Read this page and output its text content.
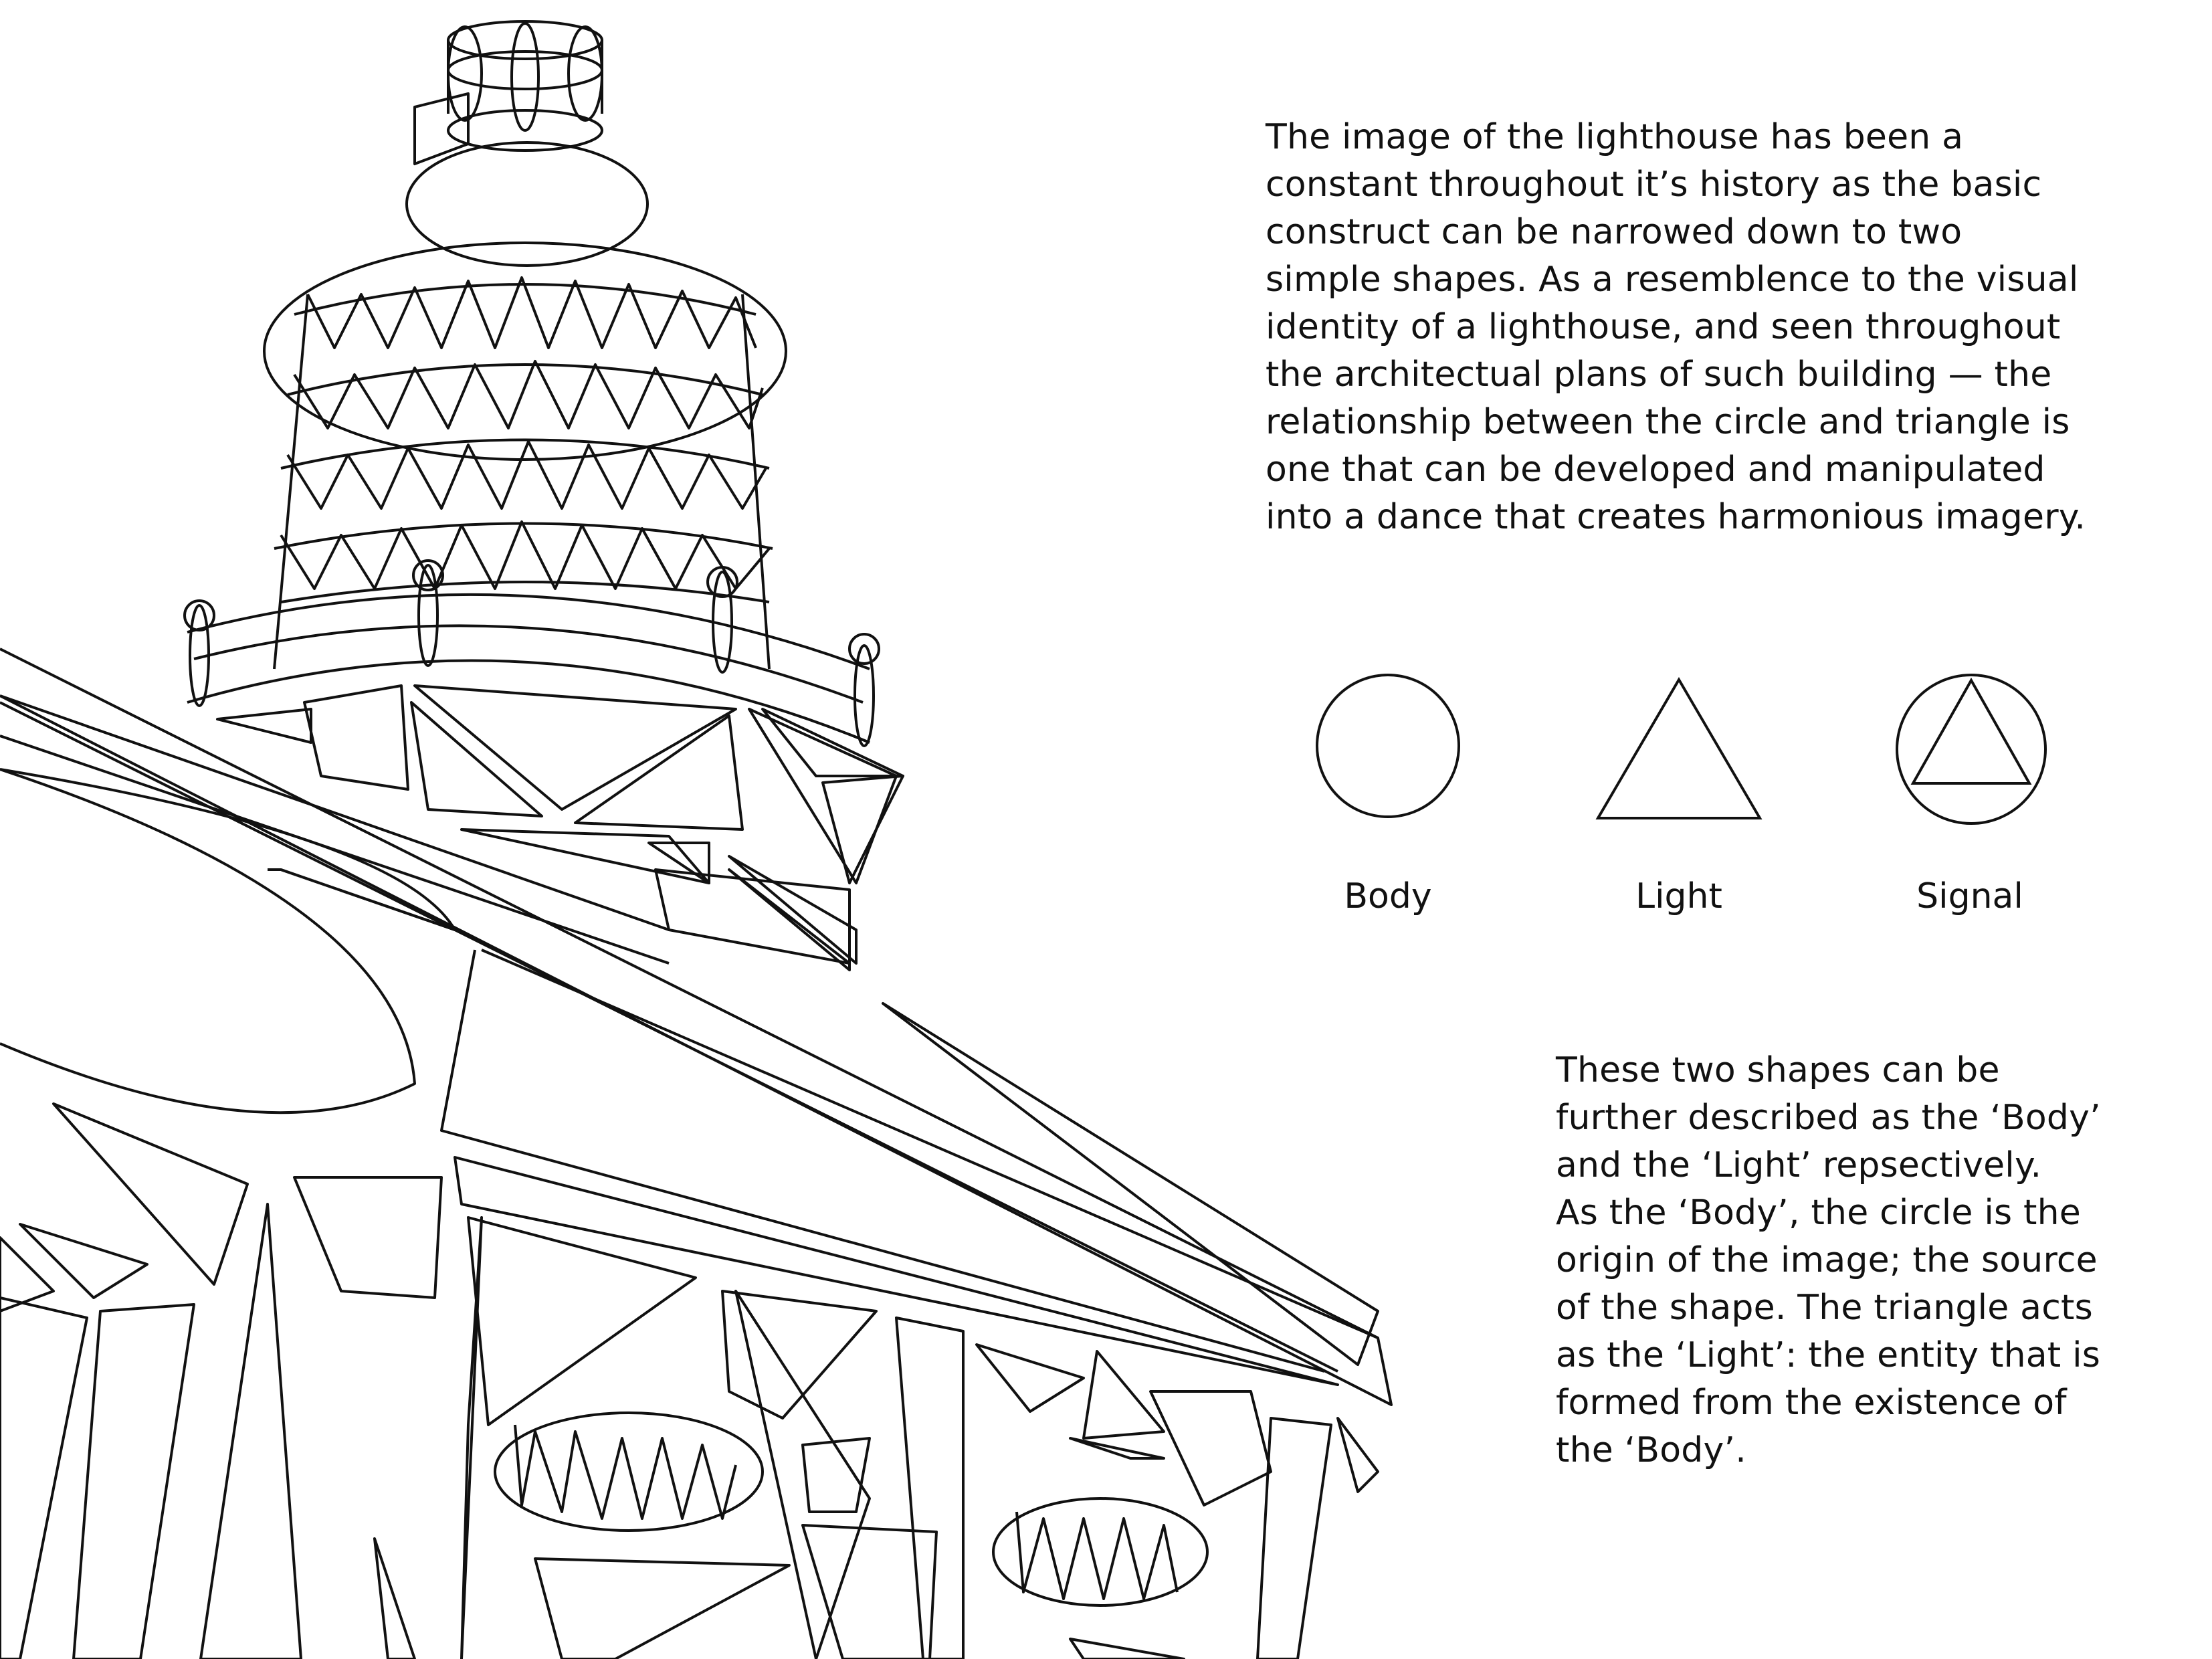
The image of the lighthouse has been a
constant throughout it’s history as the basic
construct can be narrowed down to two
simple shapes. As a resemblence to the visual
identity of a lighthouse, and seen throughout
the architectual plans of such building — the
relationship between the circle and triangle is
one that can be developed and manipulated
into a dance that creates harmonious imagery.
Body	Light	Signal
These two shapes can be
further described as the ‘Body’
and the ‘Light’ repsectively.
As the ‘Body’, the circle is the
origin of the image; the source
of the shape. The triangle acts
as the ‘Light’: the entity that is
formed from the existence of
the ‘Body’.
